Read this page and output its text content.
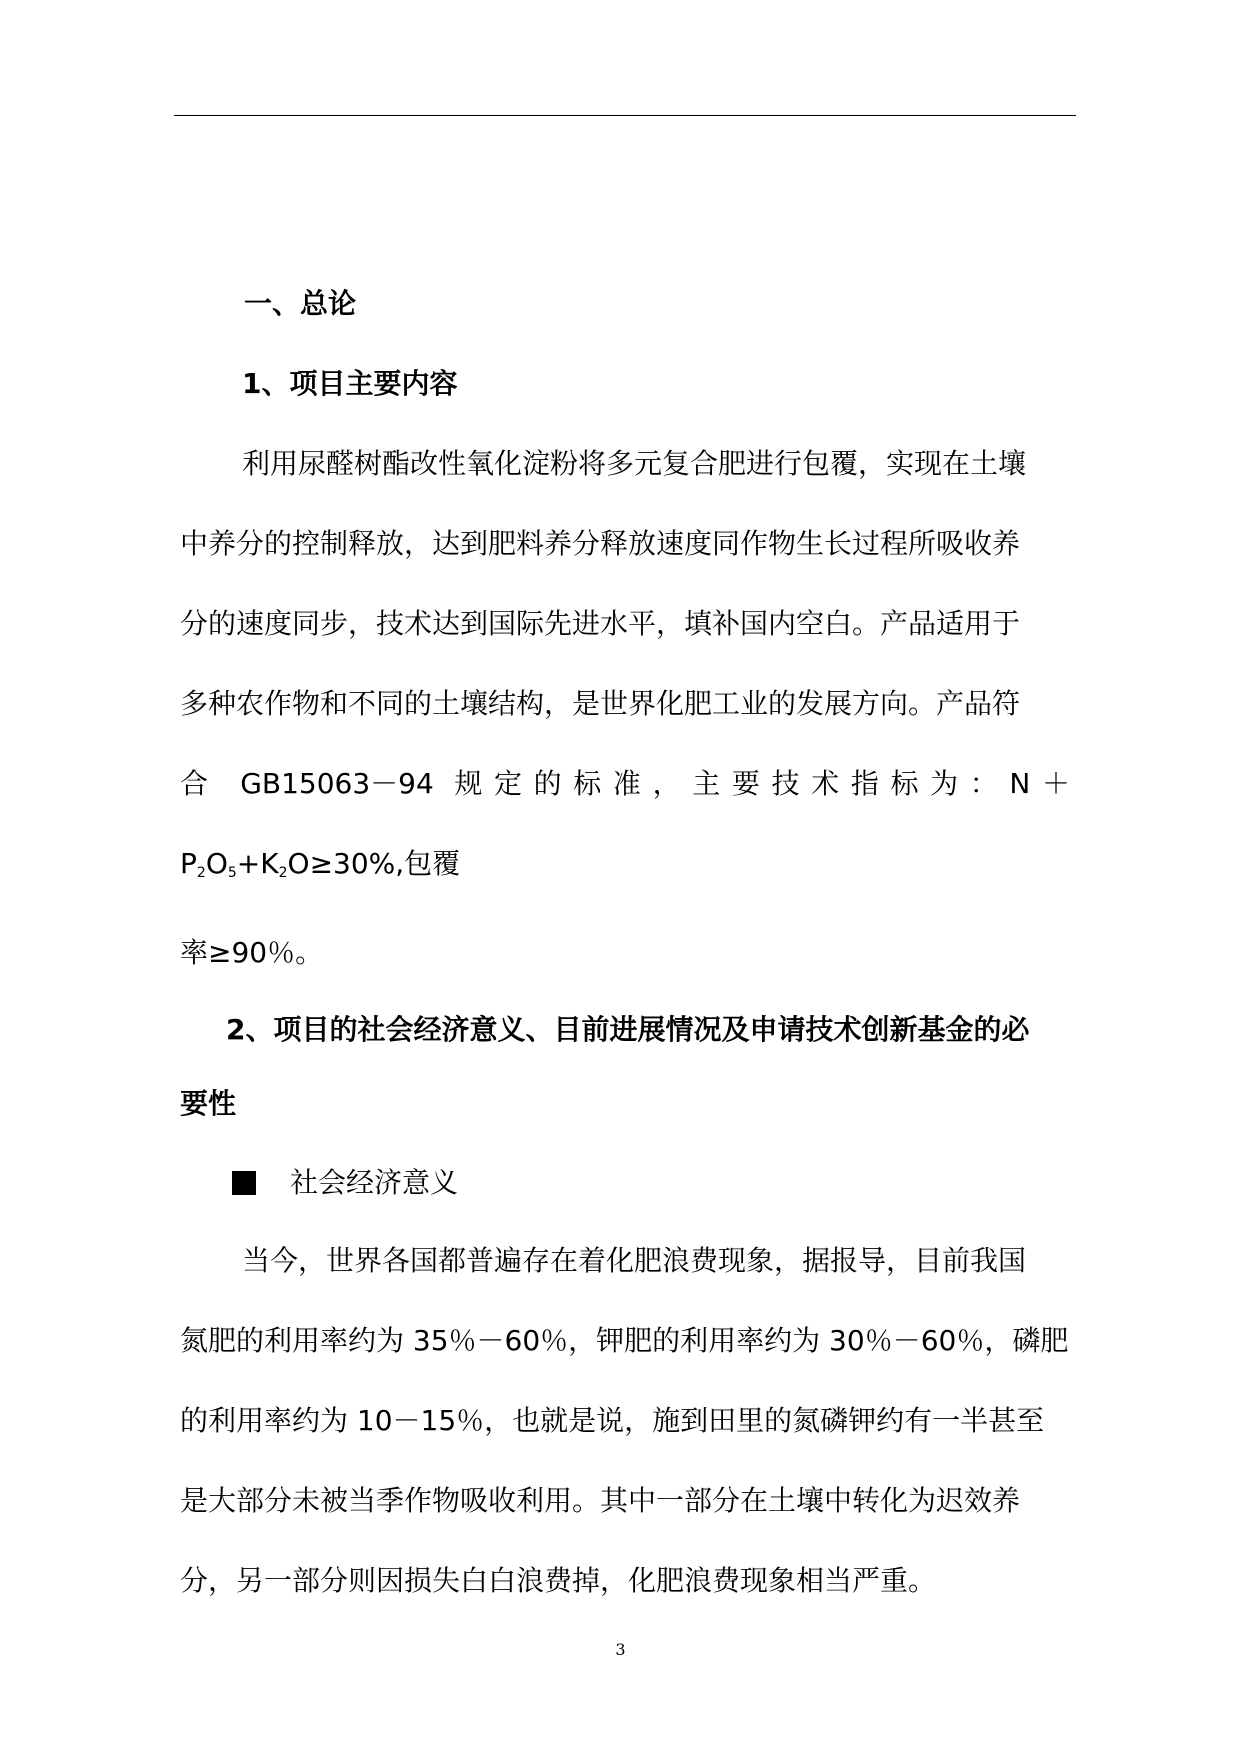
一、总论
1、项目主要内容
利用尿醛树酯改性氧化淀粉将多元复合肥进行包覆，实现在土壤
中养分的控制释放，达到肥料养分释放速度同作物生长过程所吸收养
分的速度同步，技术达到国际先进水平，填补国内空白。产品适用于
多种农作物和不同的土壤结构，是世界化肥工业的发展方向。产品符
合 GB15063－94 规定的标准，主要技术指标为：$N+P_2O_5+K_2O\ge 30\%$,包覆
率≥90％。
2、项目的社会经济意义、目前进展情况及申请技术创新基金的必
要性
社会经济意义
当今，世界各国都普遍存在着化肥浪费现象，据报导，目前我国
氮肥的利用率约为 35％－60％，钾肥的利用率约为 30％－60％，磷肥
的利用率约为 10－15％，也就是说，施到田里的氮磷钾约有一半甚至
是大部分未被当季作物吸收利用。其中一部分在土壤中转化为迟效养
分，另一部分则因损失白白浪费掉，化肥浪费现象相当严重。
3
